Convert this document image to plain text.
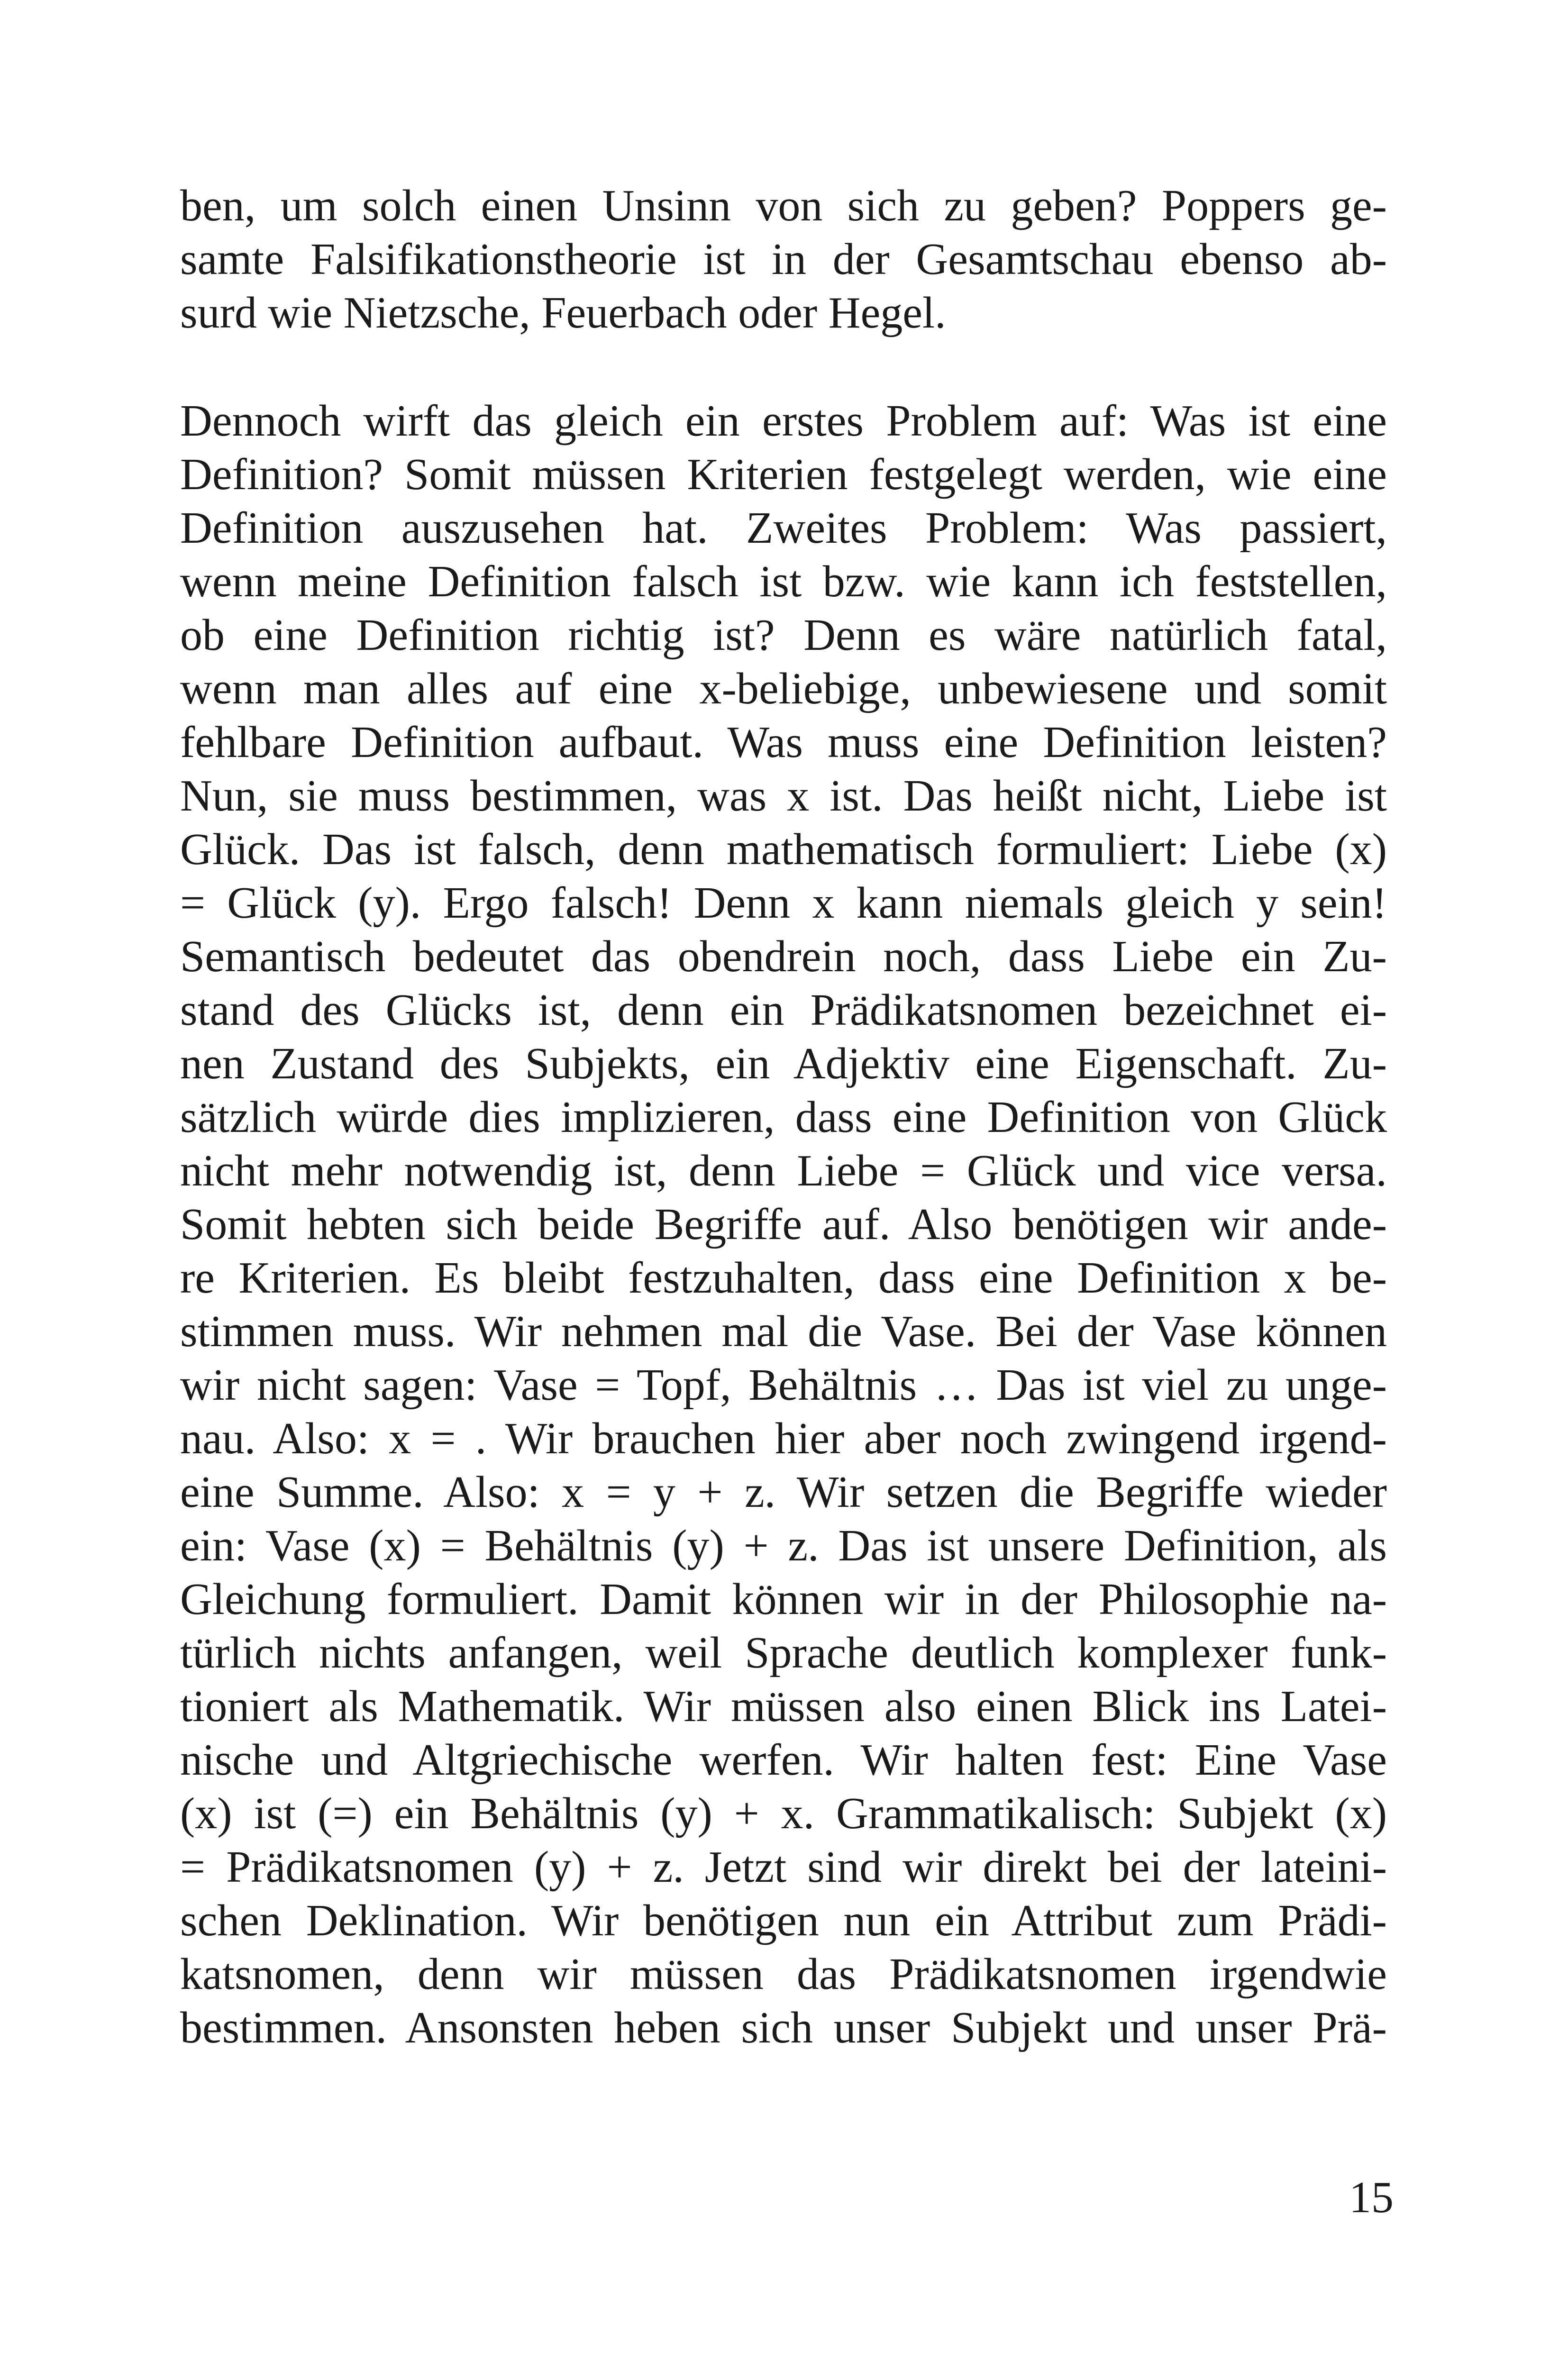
ben, um solch einen Unsinn von sich zu geben? Poppers ge-
samte Falsifikationstheorie ist in der Gesamtschau ebenso ab-
surd wie Nietzsche, Feuerbach oder Hegel.
Dennoch wirft das gleich ein erstes Problem auf: Was ist eine
Definition? Somit müssen Kriterien festgelegt werden, wie eine
Definition auszusehen hat. Zweites Problem: Was passiert,
wenn meine Definition falsch ist bzw. wie kann ich feststellen,
ob eine Definition richtig ist? Denn es wäre natürlich fatal,
wenn man alles auf eine x-beliebige, unbewiesene und somit
fehlbare Definition aufbaut. Was muss eine Definition leisten?
Nun, sie muss bestimmen, was x ist. Das heißt nicht, Liebe ist
Glück. Das ist falsch, denn mathematisch formuliert: Liebe (x)
= Glück (y). Ergo falsch! Denn x kann niemals gleich y sein!
Semantisch bedeutet das obendrein noch, dass Liebe ein Zu-
stand des Glücks ist, denn ein Prädikatsnomen bezeichnet ei-
nen Zustand des Subjekts, ein Adjektiv eine Eigenschaft. Zu-
sätzlich würde dies implizieren, dass eine Definition von Glück
nicht mehr notwendig ist, denn Liebe = Glück und vice versa.
Somit hebten sich beide Begriffe auf. Also benötigen wir ande-
re Kriterien. Es bleibt festzuhalten, dass eine Definition x be-
stimmen muss. Wir nehmen mal die Vase. Bei der Vase können
wir nicht sagen: Vase = Topf, Behältnis … Das ist viel zu unge-
nau. Also: x = . Wir brauchen hier aber noch zwingend irgend-
eine Summe. Also: x = y + z. Wir setzen die Begriffe wieder
ein: Vase (x) = Behältnis (y) + z. Das ist unsere Definition, als
Gleichung formuliert. Damit können wir in der Philosophie na-
türlich nichts anfangen, weil Sprache deutlich komplexer funk-
tioniert als Mathematik. Wir müssen also einen Blick ins Latei-
nische und Altgriechische werfen. Wir halten fest: Eine Vase
(x) ist (=) ein Behältnis (y) + x. Grammatikalisch: Subjekt (x)
= Prädikatsnomen (y) + z. Jetzt sind wir direkt bei der lateini-
schen Deklination. Wir benötigen nun ein Attribut zum Prädi-
katsnomen, denn wir müssen das Prädikatsnomen irgendwie
bestimmen. Ansonsten heben sich unser Subjekt und unser Prä-
15
